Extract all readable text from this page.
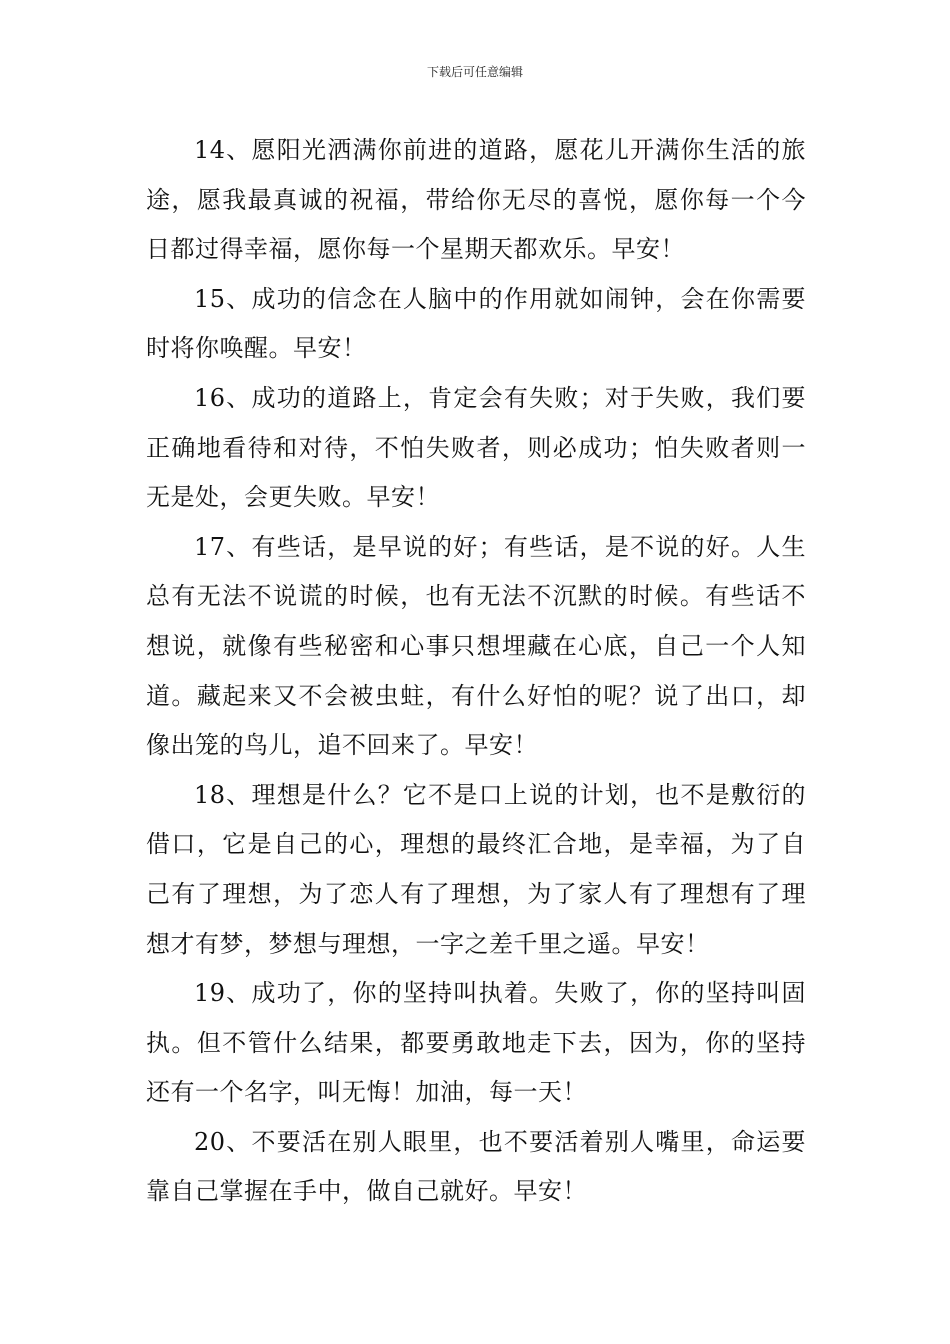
下载后可任意编辑

14、愿阳光洒满你前进的道路，愿花儿开满你生活的旅途，愿我最真诚的祝福，带给你无尽的喜悦，愿你每一个今日都过得幸福，愿你每一个星期天都欢乐。早安！

15、成功的信念在人脑中的作用就如闹钟，会在你需要时将你唤醒。早安！

16、成功的道路上，肯定会有失败；对于失败，我们要正确地看待和对待，不怕失败者，则必成功；怕失败者则一无是处，会更失败。早安！

17、有些话，是早说的好；有些话，是不说的好。人生总有无法不说谎的时候，也有无法不沉默的时候。有些话不想说，就像有些秘密和心事只想埋藏在心底，自己一个人知道。藏起来又不会被虫蛀，有什么好怕的呢？说了出口，却像出笼的鸟儿，追不回来了。早安！

18、理想是什么？它不是口上说的计划，也不是敷衍的借口，它是自己的心，理想的最终汇合地，是幸福，为了自己有了理想，为了恋人有了理想，为了家人有了理想有了理想才有梦，梦想与理想，一字之差千里之遥。早安！

19、成功了，你的坚持叫执着。失败了，你的坚持叫固执。但不管什么结果，都要勇敢地走下去，因为，你的坚持还有一个名字，叫无悔！加油，每一天！

20、不要活在别人眼里，也不要活着别人嘴里，命运要靠自己掌握在手中，做自己就好。早安！
